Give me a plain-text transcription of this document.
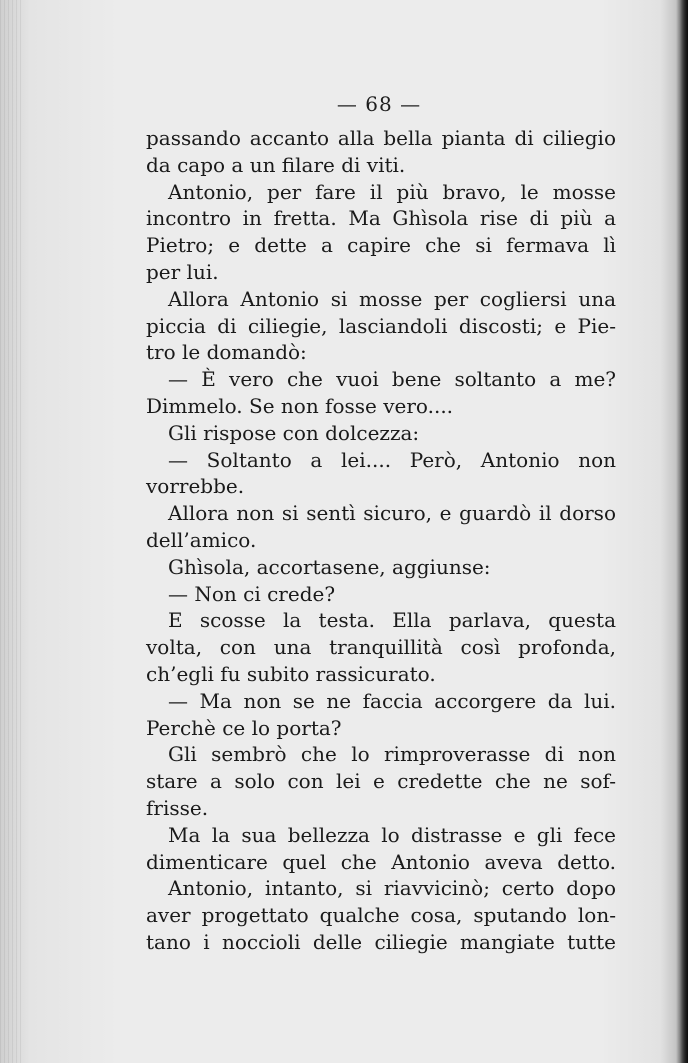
— 68 —
passando accanto alla bella pianta di ciliegio
da capo a un filare di viti.
Antonio, per fare il più bravo, le mosse
incontro in fretta. Ma Ghìsola rise di più a
Pietro; e dette a capire che si fermava lì
per lui.
Allora Antonio si mosse per cogliersi una
piccia di ciliegie, lasciandoli discosti; e Pie-
tro le domandò:
— È vero che vuoi bene soltanto a me?
Dimmelo. Se non fosse vero....
Gli rispose con dolcezza:
— Soltanto a lei.... Però, Antonio non
vorrebbe.
Allora non si sentì sicuro, e guardò il dorso
dell’amico.
Ghìsola, accortasene, aggiunse:
— Non ci crede?
E scosse la testa. Ella parlava, questa
volta, con una tranquillità così profonda,
ch’egli fu subito rassicurato.
— Ma non se ne faccia accorgere da lui.
Perchè ce lo porta?
Gli sembrò che lo rimproverasse di non
stare a solo con lei e credette che ne sof-
frisse.
Ma la sua bellezza lo distrasse e gli fece
dimenticare quel che Antonio aveva detto.
Antonio, intanto, si riavvicinò; certo dopo
aver progettato qualche cosa, sputando lon-
tano i noccioli delle ciliegie mangiate tutte
